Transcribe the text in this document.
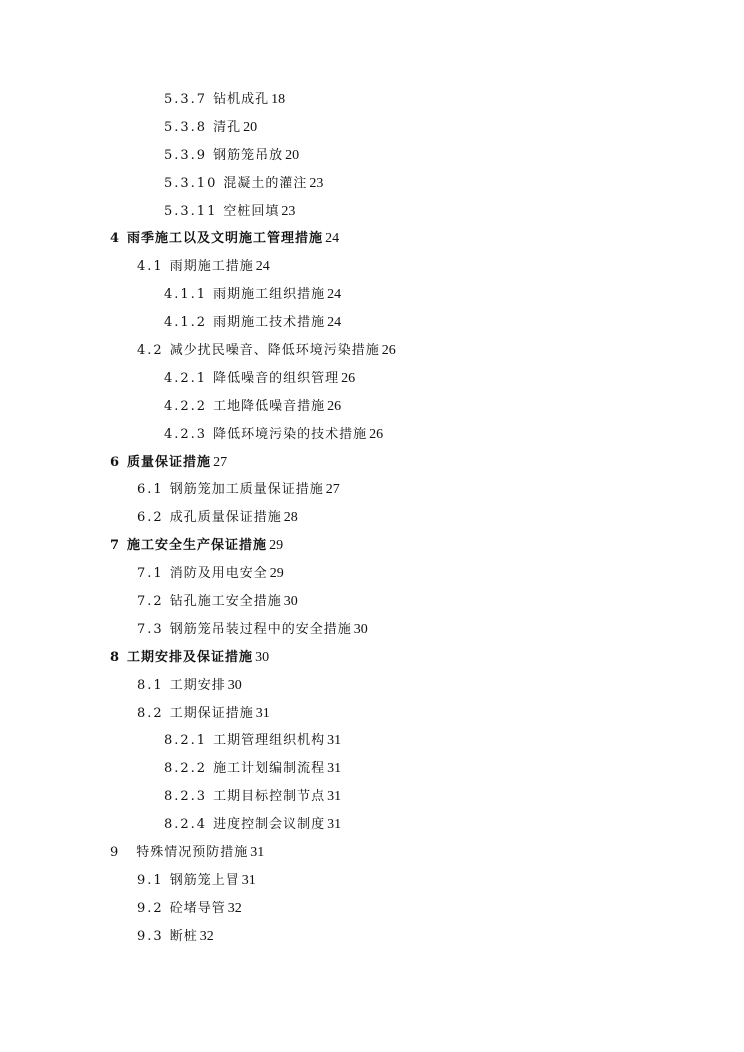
5.3.7 钻机成孔 18
5.3.8 清孔 20
5.3.9 钢筋笼吊放 20
5.3.10 混凝土的灌注 23
5.3.11 空桩回填 23
4 雨季施工以及文明施工管理措施 24
4.1 雨期施工措施 24
4.1.1 雨期施工组织措施 24
4.1.2 雨期施工技术措施 24
4.2 减少扰民噪音、降低环境污染措施 26
4.2.1 降低噪音的组织管理 26
4.2.2 工地降低噪音措施 26
4.2.3 降低环境污染的技术措施 26
6 质量保证措施 27
6.1 钢筋笼加工质量保证措施 27
6.2 成孔质量保证措施 28
7 施工安全生产保证措施 29
7.1 消防及用电安全 29
7.2 钻孔施工安全措施 30
7.3 钢筋笼吊装过程中的安全措施 30
8 工期安排及保证措施 30
8.1 工期安排 30
8.2 工期保证措施 31
8.2.1 工期管理组织机构 31
8.2.2 施工计划编制流程 31
8.2.3 工期目标控制节点 31
8.2.4 进度控制会议制度 31
9 特殊情况预防措施 31
9.1 钢筋笼上冒 31
9.2 砼堵导管 32
9.3 断桩 32
